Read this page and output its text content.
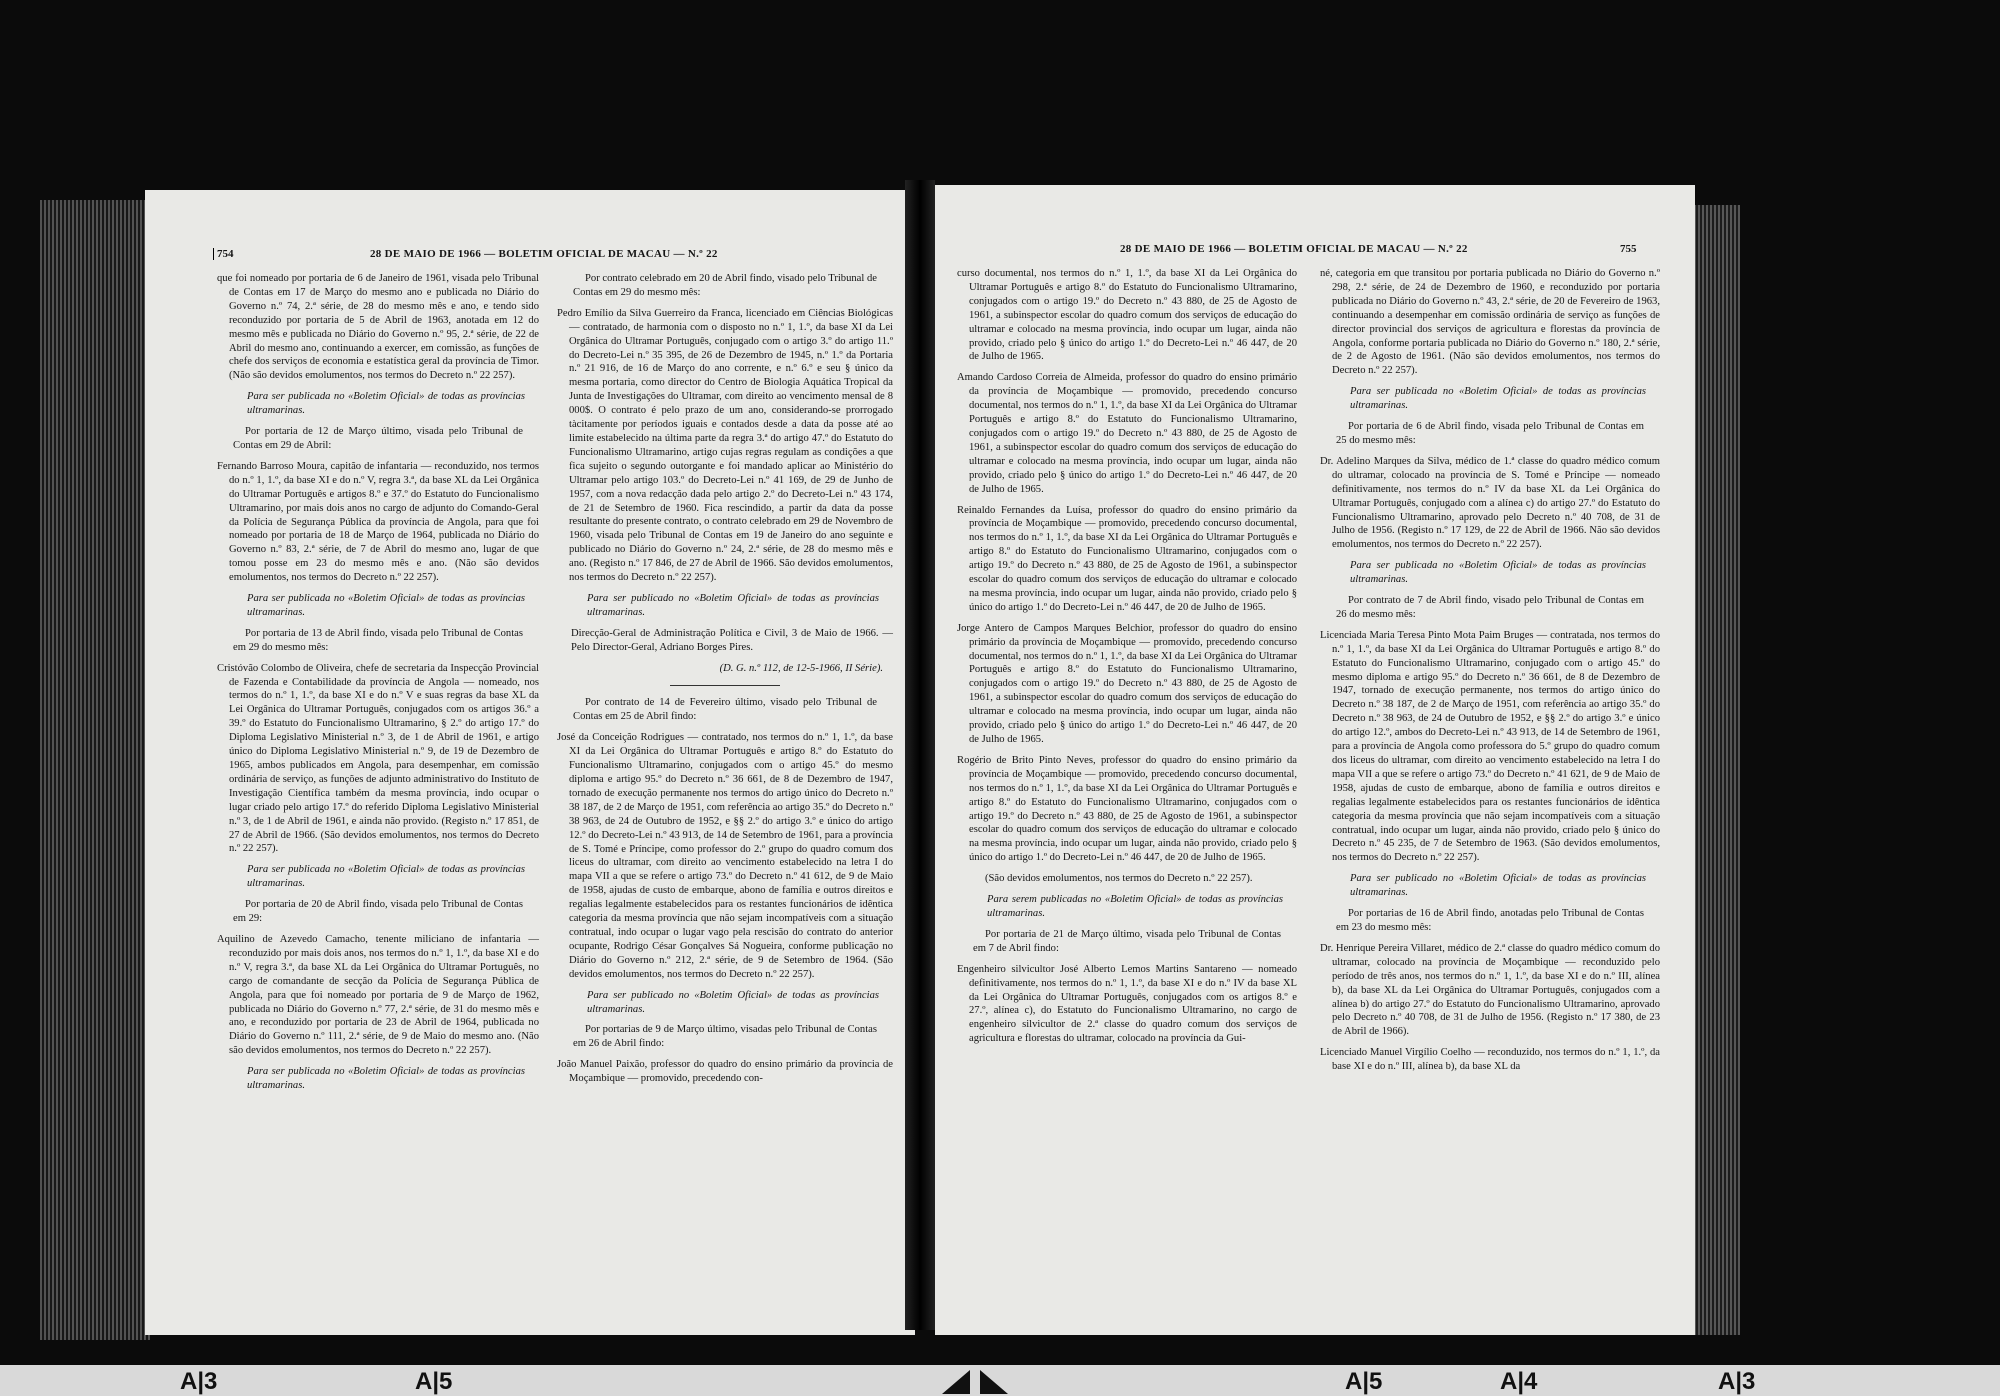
754	28 DE MAIO DE 1966 — BOLETIM OFICIAL DE MACAU — N.º 22

que foi nomeado por portaria de 6 de Janeiro de 1961, visada pelo Tribunal de Contas em 17 de Março do mesmo ano e publicada no Diário do Governo n.º 74, 2.ª série, de 28 do mesmo mês e ano, e tendo sido reconduzido por portaria de 5 de Abril de 1963, anotada em 12 do mesmo mês e publicada no Diário do Governo n.º 95, 2.ª série, de 22 de Abril do mesmo ano, continuando a exercer, em comissão, as funções de chefe dos serviços de economia e estatística geral da província de Timor. (Não são devidos emolumentos, nos termos do Decreto n.º 22 257).

Para ser publicada no «Boletim Oficial» de todas as províncias ultramarinas.

Por portaria de 12 de Março último, visada pelo Tribunal de Contas em 29 de Abril:

Fernando Barroso Moura, capitão de infantaria — reconduzido, nos termos do n.º 1, 1.º, da base XI e do n.º V, regra 3.ª, da base XL da Lei Orgânica do Ultramar Português e artigos 8.º e 37.º do Estatuto do Funcionalismo Ultramarino, por mais dois anos no cargo de adjunto do Comando-Geral da Polícia de Segurança Pública da província de Angola, para que foi nomeado por portaria de 18 de Março de 1964, publicada no Diário do Governo n.º 83, 2.ª série, de 7 de Abril do mesmo ano, lugar de que tomou posse em 23 do mesmo mês e ano. (Não são devidos emolumentos, nos termos do Decreto n.º 22 257).

Para ser publicada no «Boletim Oficial» de todas as províncias ultramarinas.

Por portaria de 13 de Abril findo, visada pelo Tribunal de Contas em 29 do mesmo mês:

Cristóvão Colombo de Oliveira, chefe de secretaria da Inspecção Provincial de Fazenda e Contabilidade da província de Angola — nomeado, nos termos do n.º 1, 1.º, da base XI e do n.º V e suas regras da base XL da Lei Orgânica do Ultramar Português, conjugados com os artigos 36.º a 39.º do Estatuto do Funcionalismo Ultramarino, § 2.º do artigo 17.º do Diploma Legislativo Ministerial n.º 3, de 1 de Abril de 1961, e artigo único do Diploma Legislativo Ministerial n.º 9, de 19 de Dezembro de 1965, ambos publicados em Angola, para desempenhar, em comissão ordinária de serviço, as funções de adjunto administrativo do Instituto de Investigação Científica também da mesma província, indo ocupar o lugar criado pelo artigo 17.º do referido Diploma Legislativo Ministerial n.º 3, de 1 de Abril de 1961, e ainda não provido. (Registo n.º 17 851, de 27 de Abril de 1966. (São devidos emolumentos, nos termos do Decreto n.º 22 257).

Para ser publicada no «Boletim Oficial» de todas as províncias ultramarinas.

Por portaria de 20 de Abril findo, visada pelo Tribunal de Contas em 29:

Aquilino de Azevedo Camacho, tenente miliciano de infantaria — reconduzido por mais dois anos, nos termos do n.º 1, 1.º, da base XI e do n.º V, regra 3.ª, da base XL da Lei Orgânica do Ultramar Português, no cargo de comandante de secção da Polícia de Segurança Pública de Angola, para que foi nomeado por portaria de 9 de Março de 1962, publicada no Diário do Governo n.º 77, 2.ª série, de 31 do mesmo mês e ano, e reconduzido por portaria de 23 de Abril de 1964, publicada no Diário do Governo n.º 111, 2.ª série, de 9 de Maio do mesmo ano. (Não são devidos emolumentos, nos termos do Decreto n.º 22 257).

Para ser publicada no «Boletim Oficial» de todas as províncias ultramarinas.

Por contrato celebrado em 20 de Abril findo, visado pelo Tribunal de Contas em 29 do mesmo mês:

Pedro Emílio da Silva Guerreiro da Franca, licenciado em Ciências Biológicas — contratado, de harmonia com o disposto no n.º 1, 1.º, da base XI da Lei Orgânica do Ultramar Português, conjugado com o artigo 3.º do artigo 11.º do Decreto-Lei n.º 35 395, de 26 de Dezembro de 1945, n.º 1.º da Portaria n.º 21 916, de 16 de Março do ano corrente, e n.º 6.º e seu § único da mesma portaria, como director do Centro de Biologia Aquática Tropical da Junta de Investigações do Ultramar, com direito ao vencimento mensal de 8 000$. O contrato é pelo prazo de um ano, considerando-se prorrogado tàcitamente por períodos iguais e contados desde a data da posse até ao limite estabelecido na última parte da regra 3.ª do artigo 47.º do Estatuto do Funcionalismo Ultramarino, artigo cujas regras regulam as condições a que fica sujeito o segundo outorgante e foi mandado aplicar ao Ministério do Ultramar pelo artigo 103.º do Decreto-Lei n.º 41 169, de 29 de Junho de 1957, com a nova redacção dada pelo artigo 2.º do Decreto-Lei n.º 43 174, de 21 de Setembro de 1960. Fica rescindido, a partir da data da posse resultante do presente contrato, o contrato celebrado em 29 de Novembro de 1960, visada pelo Tribunal de Contas em 19 de Janeiro do ano seguinte e publicado no Diário do Governo n.º 24, 2.ª série, de 28 do mesmo mês e ano. (Registo n.º 17 846, de 27 de Abril de 1966. São devidos emolumentos, nos termos do Decreto n.º 22 257).

Para ser publicado no «Boletim Oficial» de todas as províncias ultramarinas.

Direcção-Geral de Administração Política e Civil, 3 de Maio de 1966. — Pelo Director-Geral, Adriano Borges Pires.

(D. G. n.º 112, de 12-5-1966, II Série).

Por contrato de 14 de Fevereiro último, visado pelo Tribunal de Contas em 25 de Abril findo:

José da Conceição Rodrigues — contratado, nos termos do n.º 1, 1.º, da base XI da Lei Orgânica do Ultramar Português e artigo 8.º do Estatuto do Funcionalismo Ultramarino, conjugados com o artigo 45.º do mesmo diploma e artigo 95.º do Decreto n.º 36 661, de 8 de Dezembro de 1947, tornado de execução permanente nos termos do artigo único do Decreto n.º 38 187, de 2 de Março de 1951, com referência ao artigo 35.º do Decreto n.º 38 963, de 24 de Outubro de 1952, e §§ 2.º do artigo 3.º e único do artigo 12.º do Decreto-Lei n.º 43 913, de 14 de Setembro de 1961, para a província de S. Tomé e Príncipe, como professor do 2.º grupo do quadro comum dos liceus do ultramar, com direito ao vencimento estabelecido na letra I do mapa VII a que se refere o artigo 73.º do Decreto n.º 41 612, de 9 de Maio de 1958, ajudas de custo de embarque, abono de família e outros direitos e regalias legalmente estabelecidos para os restantes funcionários de idêntica categoria da mesma província que não sejam incompatíveis com a situação contratual, indo ocupar o lugar vago pela rescisão do contrato do anterior ocupante, Rodrigo César Gonçalves Sá Nogueira, conforme publicação no Diário do Governo n.º 212, 2.ª série, de 9 de Setembro de 1964. (São devidos emolumentos, nos termos do Decreto n.º 22 257).

Para ser publicado no «Boletim Oficial» de todas as províncias ultramarinas.

Por portarias de 9 de Março último, visadas pelo Tribunal de Contas em 26 de Abril findo:

João Manuel Paixão, professor do quadro do ensino primário da província de Moçambique — promovido, precedendo con-

28 DE MAIO DE 1966 — BOLETIM OFICIAL DE MACAU — N.º 22	755

curso documental, nos termos do n.º 1, 1.º, da base XI da Lei Orgânica do Ultramar Português e artigo 8.º do Estatuto do Funcionalismo Ultramarino, conjugados com o artigo 19.º do Decreto n.º 43 880, de 25 de Agosto de 1961, a subinspector escolar do quadro comum dos serviços de educação do ultramar e colocado na mesma província, indo ocupar um lugar, ainda não provido, criado pelo § único do artigo 1.º do Decreto-Lei n.º 46 447, de 20 de Julho de 1965.

Amando Cardoso Correia de Almeida, professor do quadro do ensino primário da província de Moçambique — promovido, precedendo concurso documental, nos termos do n.º 1, 1.º, da base XI da Lei Orgânica do Ultramar Português e artigo 8.º do Estatuto do Funcionalismo Ultramarino, conjugados com o artigo 19.º do Decreto n.º 43 880, de 25 de Agosto de 1961, a subinspector escolar do quadro comum dos serviços de educação do ultramar e colocado na mesma província, indo ocupar um lugar, ainda não provido, criado pelo § único do artigo 1.º do Decreto-Lei n.º 46 447, de 20 de Julho de 1965.

Reinaldo Fernandes da Luísa, professor do quadro do ensino primário da província de Moçambique — promovido, precedendo concurso documental, nos termos do n.º 1, 1.º, da base XI da Lei Orgânica do Ultramar Português e artigo 8.º do Estatuto do Funcionalismo Ultramarino, conjugados com o artigo 19.º do Decreto n.º 43 880, de 25 de Agosto de 1961, a subinspector escolar do quadro comum dos serviços de educação do ultramar e colocado na mesma província, indo ocupar um lugar, ainda não provido, criado pelo § único do artigo 1.º do Decreto-Lei n.º 46 447, de 20 de Julho de 1965.

Jorge Antero de Campos Marques Belchior, professor do quadro do ensino primário da província de Moçambique — promovido, precedendo concurso documental, nos termos do n.º 1, 1.º, da base XI da Lei Orgânica do Ultramar Português e artigo 8.º do Estatuto do Funcionalismo Ultramarino, conjugados com o artigo 19.º do Decreto n.º 43 880, de 25 de Agosto de 1961, a subinspector escolar do quadro comum dos serviços de educação do ultramar e colocado na mesma província, indo ocupar um lugar, ainda não provido, criado pelo § único do artigo 1.º do Decreto-Lei n.º 46 447, de 20 de Julho de 1965.

Rogério de Brito Pinto Neves, professor do quadro do ensino primário da província de Moçambique — promovido, precedendo concurso documental, nos termos do n.º 1, 1.º, da base XI da Lei Orgânica do Ultramar Português e artigo 8.º do Estatuto do Funcionalismo Ultramarino, conjugados com o artigo 19.º do Decreto n.º 43 880, de 25 de Agosto de 1961, a subinspector escolar do quadro comum dos serviços de educação do ultramar e colocado na mesma província, indo ocupar um lugar, ainda não provido, criado pelo § único do artigo 1.º do Decreto-Lei n.º 46 447, de 20 de Julho de 1965.

(São devidos emolumentos, nos termos do Decreto n.º 22 257).

Para serem publicadas no «Boletim Oficial» de todas as províncias ultramarinas.

Por portaria de 21 de Março último, visada pelo Tribunal de Contas em 7 de Abril findo:

Engenheiro silvicultor José Alberto Lemos Martins Santareno — nomeado definitivamente, nos termos do n.º 1, 1.º, da base XI e do n.º IV da base XL da Lei Orgânica do Ultramar Português, conjugados com os artigos 8.º e 27.º, alínea c), do Estatuto do Funcionalismo Ultramarino, no cargo de engenheiro silvicultor de 2.ª classe do quadro comum dos serviços de agricultura e florestas do ultramar, colocado na província da Gui-

né, categoria em que transitou por portaria publicada no Diário do Governo n.º 298, 2.ª série, de 24 de Dezembro de 1960, e reconduzido por portaria publicada no Diário do Governo n.º 43, 2.ª série, de 20 de Fevereiro de 1963, continuando a desempenhar em comissão ordinária de serviço as funções de director provincial dos serviços de agricultura e florestas da província de Angola, conforme portaria publicada no Diário do Governo n.º 180, 2.ª série, de 2 de Agosto de 1961. (Não são devidos emolumentos, nos termos do Decreto n.º 22 257).

Para ser publicada no «Boletim Oficial» de todas as províncias ultramarinas.

Por portaria de 6 de Abril findo, visada pelo Tribunal de Contas em 25 do mesmo mês:

Dr. Adelino Marques da Silva, médico de 1.ª classe do quadro médico comum do ultramar, colocado na província de S. Tomé e Príncipe — nomeado definitivamente, nos termos do n.º IV da base XL da Lei Orgânica do Ultramar Português, conjugado com a alínea c) do artigo 27.º do Estatuto do Funcionalismo Ultramarino, aprovado pelo Decreto n.º 40 708, de 31 de Julho de 1956. (Registo n.º 17 129, de 22 de Abril de 1966. Não são devidos emolumentos, nos termos do Decreto n.º 22 257).

Para ser publicada no «Boletim Oficial» de todas as províncias ultramarinas.

Por contrato de 7 de Abril findo, visado pelo Tribunal de Contas em 26 do mesmo mês:

Licenciada Maria Teresa Pinto Mota Paim Bruges — contratada, nos termos do n.º 1, 1.º, da base XI da Lei Orgânica do Ultramar Português e artigo 8.º do Estatuto do Funcionalismo Ultramarino, conjugado com o artigo 45.º do mesmo diploma e artigo 95.º do Decreto n.º 36 661, de 8 de Dezembro de 1947, tornado de execução permanente, nos termos do artigo único do Decreto n.º 38 187, de 2 de Março de 1951, com referência ao artigo 35.º do Decreto n.º 38 963, de 24 de Outubro de 1952, e §§ 2.º do artigo 3.º e único do artigo 12.º, ambos do Decreto-Lei n.º 43 913, de 14 de Setembro de 1961, para a província de Angola como professora do 5.º grupo do quadro comum dos liceus do ultramar, com direito ao vencimento estabelecido na letra I do mapa VII a que se refere o artigo 73.º do Decreto n.º 41 621, de 9 de Maio de 1958, ajudas de custo de embarque, abono de família e outros direitos e regalias legalmente estabelecidos para os restantes funcionários de idêntica categoria da mesma província que não sejam incompatíveis com a situação contratual, indo ocupar um lugar, ainda não provido, criado pelo § único do Decreto n.º 45 235, de 7 de Setembro de 1963. (São devidos emolumentos, nos termos do Decreto n.º 22 257).

Para ser publicado no «Boletim Oficial» de todas as províncias ultramarinas.

Por portarias de 16 de Abril findo, anotadas pelo Tribunal de Contas em 23 do mesmo mês:

Dr. Henrique Pereira Villaret, médico de 2.ª classe do quadro médico comum do ultramar, colocado na província de Moçambique — reconduzido pelo período de três anos, nos termos do n.º 1, 1.º, da base XI e do n.º III, alínea b), da base XL da Lei Orgânica do Ultramar Português, conjugados com a alínea b) do artigo 27.º do Estatuto do Funcionalismo Ultramarino, aprovado pelo Decreto n.º 40 708, de 31 de Julho de 1956. (Registo n.º 17 380, de 23 de Abril de 1966).

Licenciado Manuel Virgílio Coelho — reconduzido, nos termos do n.º 1, 1.º, da base XI e do n.º III, alínea b), da base XL da

A|3	A|5	A|5	A|4	A|3
